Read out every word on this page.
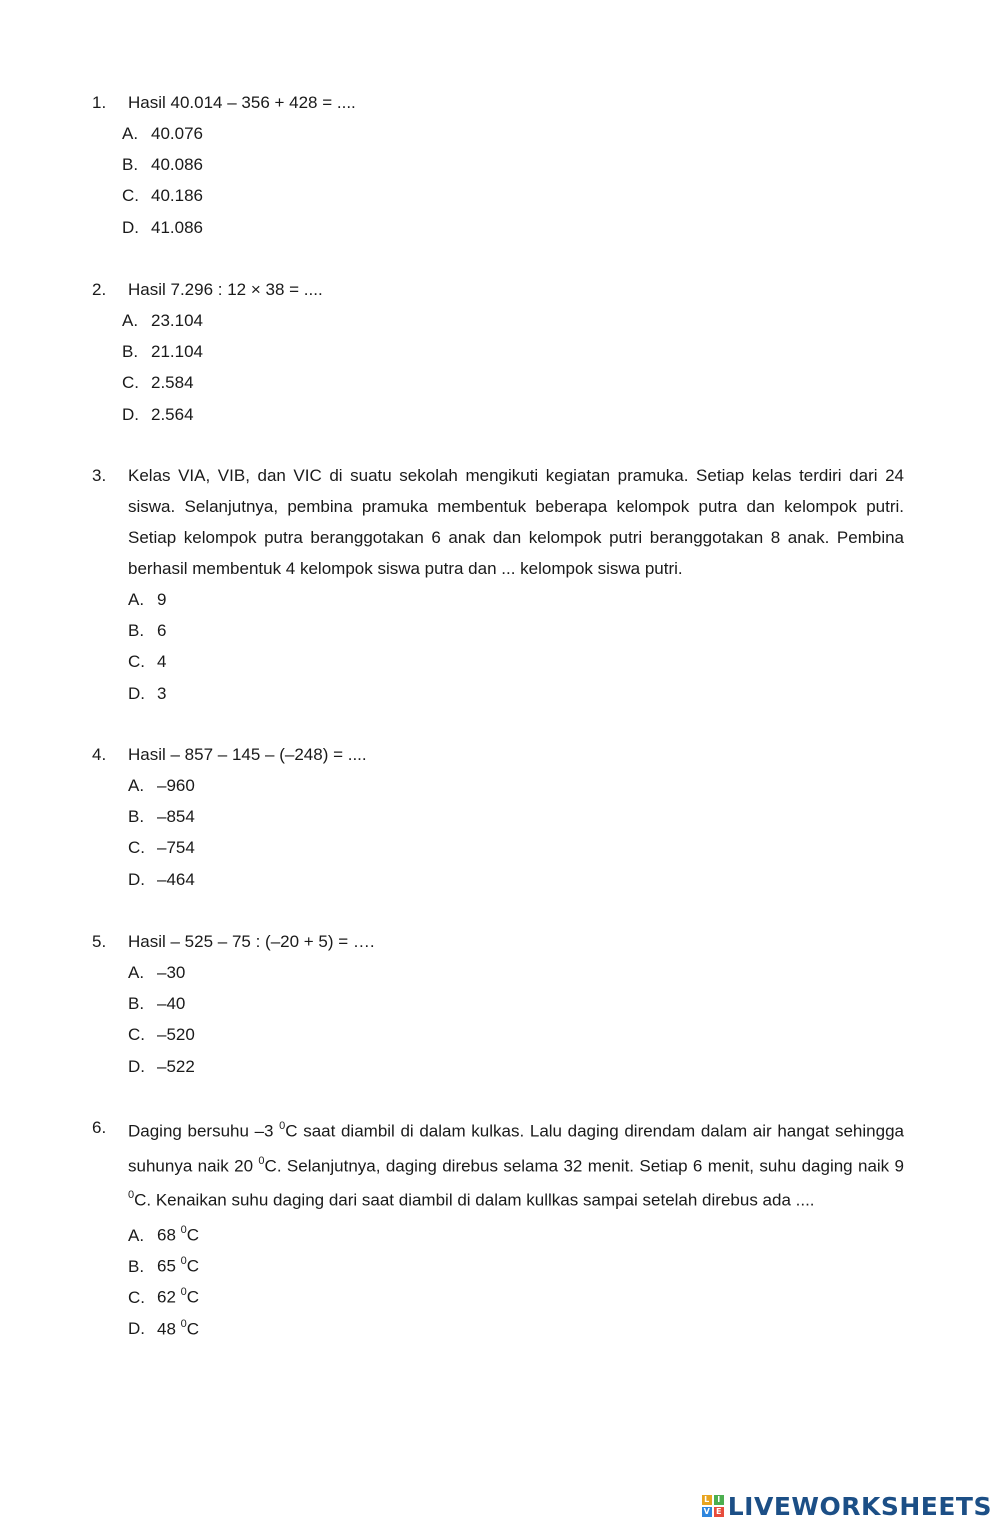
1.	Hasil 40.014 – 356 + 428 = ....
A. 40.076
B. 40.086
C. 40.186
D. 41.086
2.	Hasil 7.296 : 12 × 38 = ....
A. 23.104
B. 21.104
C. 2.584
D. 2.564
3.	Kelas VIA, VIB, dan VIC di suatu sekolah mengikuti kegiatan pramuka. Setiap kelas terdiri dari 24 siswa. Selanjutnya, pembina pramuka membentuk beberapa kelompok putra dan kelompok putri. Setiap kelompok putra beranggotakan 6 anak dan kelompok putri beranggotakan 8 anak. Pembina berhasil membentuk 4 kelompok siswa putra dan ... kelompok siswa putri.
A. 9
B. 6
C. 4
D. 3
4.	Hasil – 857 – 145 – (–248) = ....
A. –960
B. –854
C. –754
D. –464
5.	Hasil – 525 – 75 : (–20 + 5) = ….
A. –30
B. –40
C. –520
D. –522
6.	Daging bersuhu –3 $^0$C saat diambil di dalam kulkas. Lalu daging direndam dalam air hangat sehingga suhunya naik 20 $^0$C. Selanjutnya, daging direbus selama 32 menit. Setiap 6 menit, suhu daging naik 9 $^0$C. Kenaikan suhu daging dari saat diambil di dalam kullkas sampai setelah direbus ada ....
A. 68 $^0$C
B. 65 $^0$C
C. 62 $^0$C
D. 48 $^0$C
L I
V E LIVEWORKSHEETS
